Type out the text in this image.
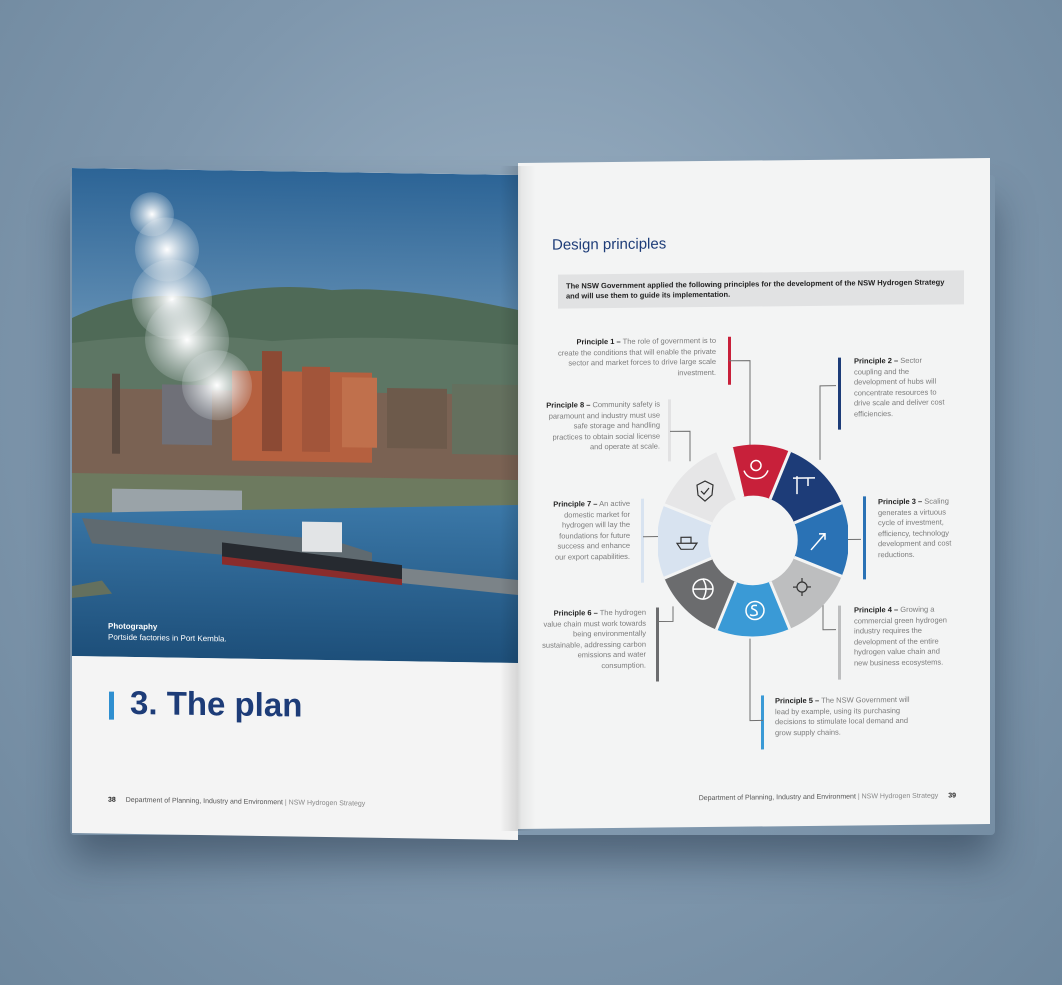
Photography
Portside factories in Port Kembla.
3. The plan
38 Department of Planning, Industry and Environment | NSW Hydrogen Strategy
Design principles
The NSW Government applied the following principles for the development of the NSW Hydrogen Strategy and will use them to guide its implementation.
Principle 1 – The role of government is to create the conditions that will enable the private sector and market forces to drive large scale investment.
Principle 2 – Sector coupling and the development of hubs will concentrate resources to drive scale and deliver cost efficiencies.
Principle 8 – Community safety is paramount and industry must use safe storage and handling practices to obtain social license and operate at scale.
Principle 3 – Scaling generates a virtuous cycle of investment, efficiency, technology development and cost reductions.
Principle 7 – An active domestic market for hydrogen will lay the foundations for future success and enhance our export capabilities.
Principle 6 – The hydrogen value chain must work towards being environmentally sustainable, addressing carbon emissions and water consumption.
Principle 4 – Growing a commercial green hydrogen industry requires the development of the entire hydrogen value chain and new business ecosystems.
Principle 5 – The NSW Government will lead by example, using its purchasing decisions to stimulate local demand and grow supply chains.
Department of Planning, Industry and Environment | NSW Hydrogen Strategy 39
